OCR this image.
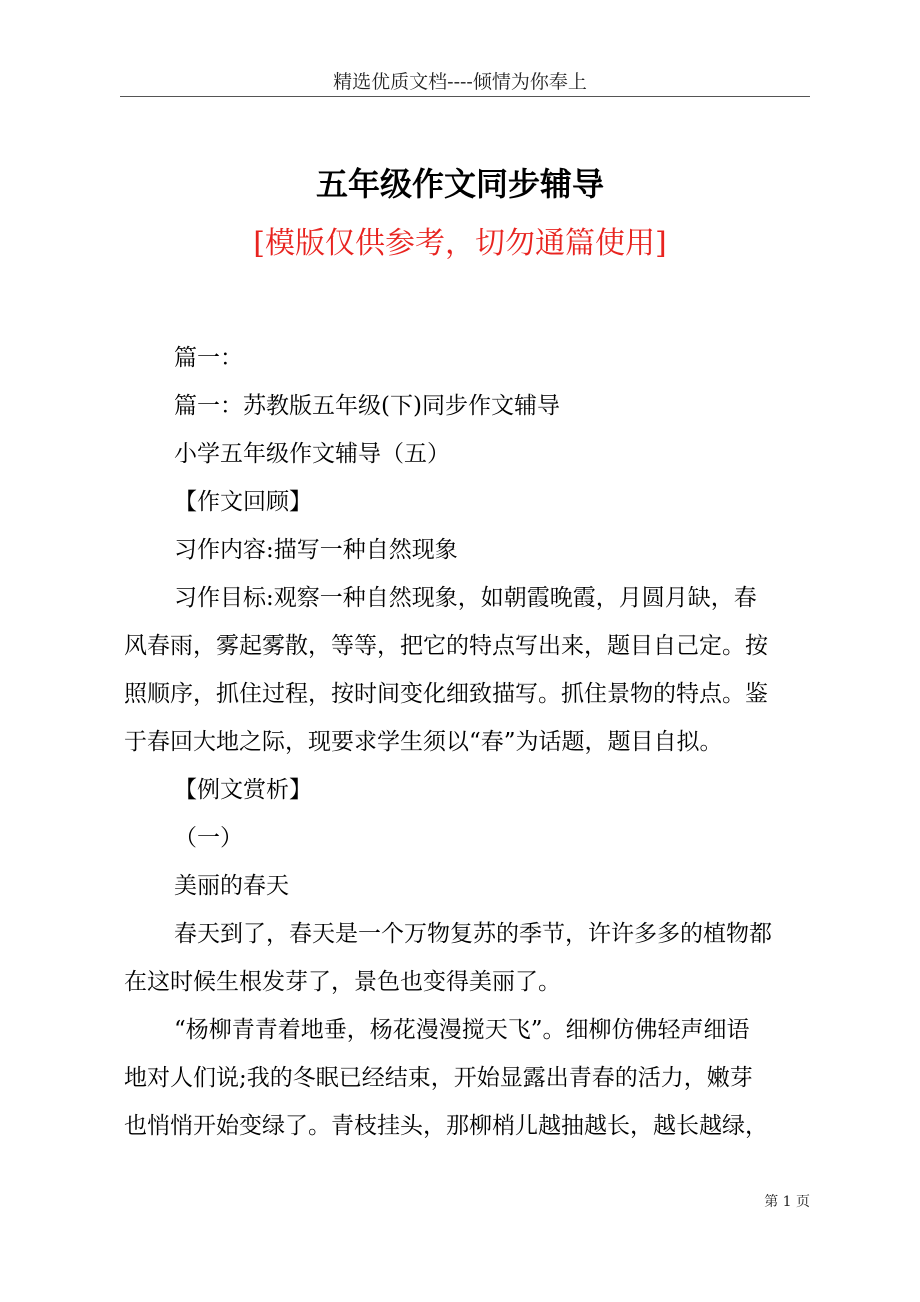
精选优质文档----倾情为你奉上
五年级作文同步辅导
[模版仅供参考，切勿通篇使用]

篇一：

篇一：苏教版五年级(下)同步作文辅导

小学五年级作文辅导（五）

【作文回顾】

习作内容:描写一种自然现象

习作目标:观察一种自然现象，如朝霞晚霞，月圆月缺，春

风春雨，雾起雾散，等等，把它的特点写出来，题目自己定。按

照顺序，抓住过程，按时间变化细致描写。抓住景物的特点。鉴

于春回大地之际，现要求学生须以“春”为话题，题目自拟。

【例文赏析】

（一）

美丽的春天

春天到了，春天是一个万物复苏的季节，许许多多的植物都

在这时候生根发芽了，景色也变得美丽了。

“杨柳青青着地垂，杨花漫漫搅天飞”。细柳仿佛轻声细语

地对人们说;我的冬眠已经结束，开始显露出青春的活力，嫩芽

也悄悄开始变绿了。青枝挂头，那柳梢儿越抽越长，越长越绿，

第 1 页
